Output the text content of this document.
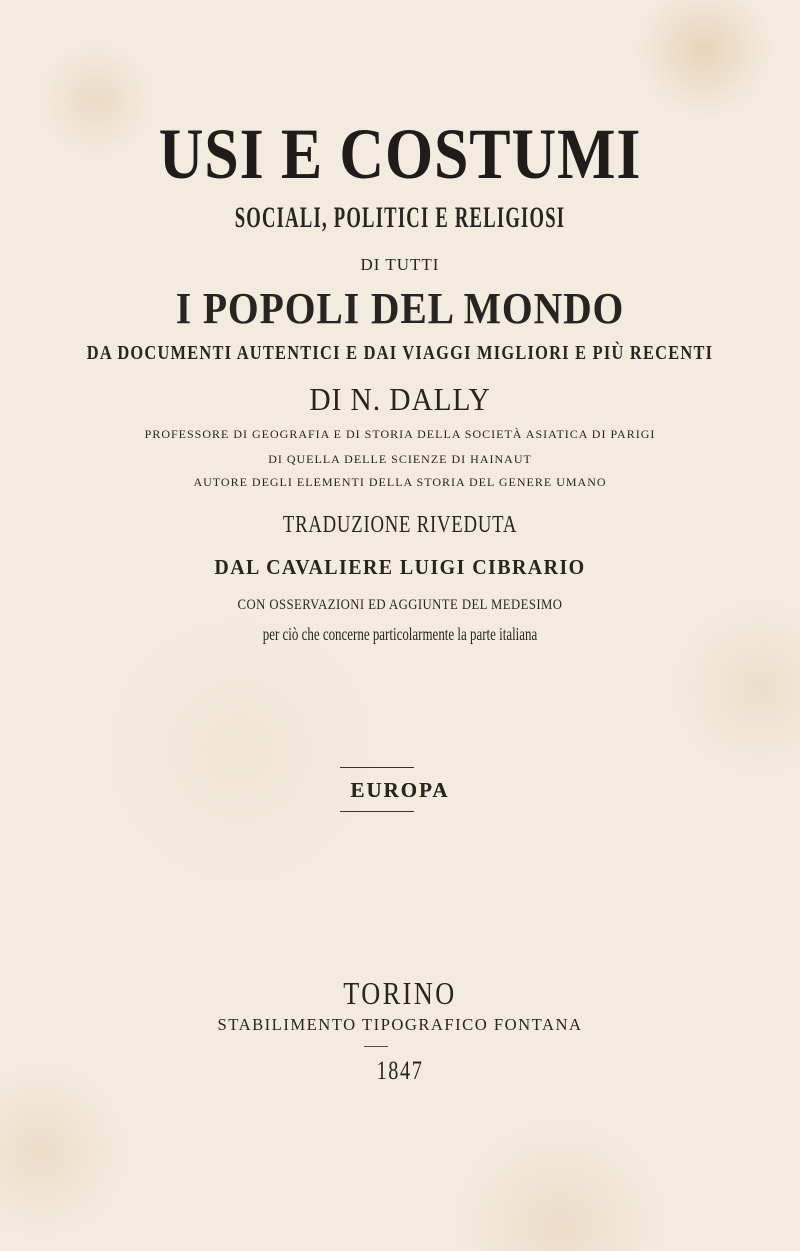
USI E COSTUMI
SOCIALI, POLITICI E RELIGIOSI
DI TUTTI
I POPOLI DEL MONDO
DA DOCUMENTI AUTENTICI E DAI VIAGGI MIGLIORI E PIÙ RECENTI
DI N. DALLY
PROFESSORE DI GEOGRAFIA E DI STORIA DELLA SOCIETÀ ASIATICA DI PARIGI
DI QUELLA DELLE SCIENZE DI HAINAUT
AUTORE DEGLI ELEMENTI DELLA STORIA DEL GENERE UMANO
TRADUZIONE RIVEDUTA
DAL CAVALIERE LUIGI CIBRARIO
CON OSSERVAZIONI ED AGGIUNTE DEL MEDESIMO
per ciò che concerne particolarmente la parte italiana
EUROPA
TORINO
STABILIMENTO TIPOGRAFICO FONTANA
1847
